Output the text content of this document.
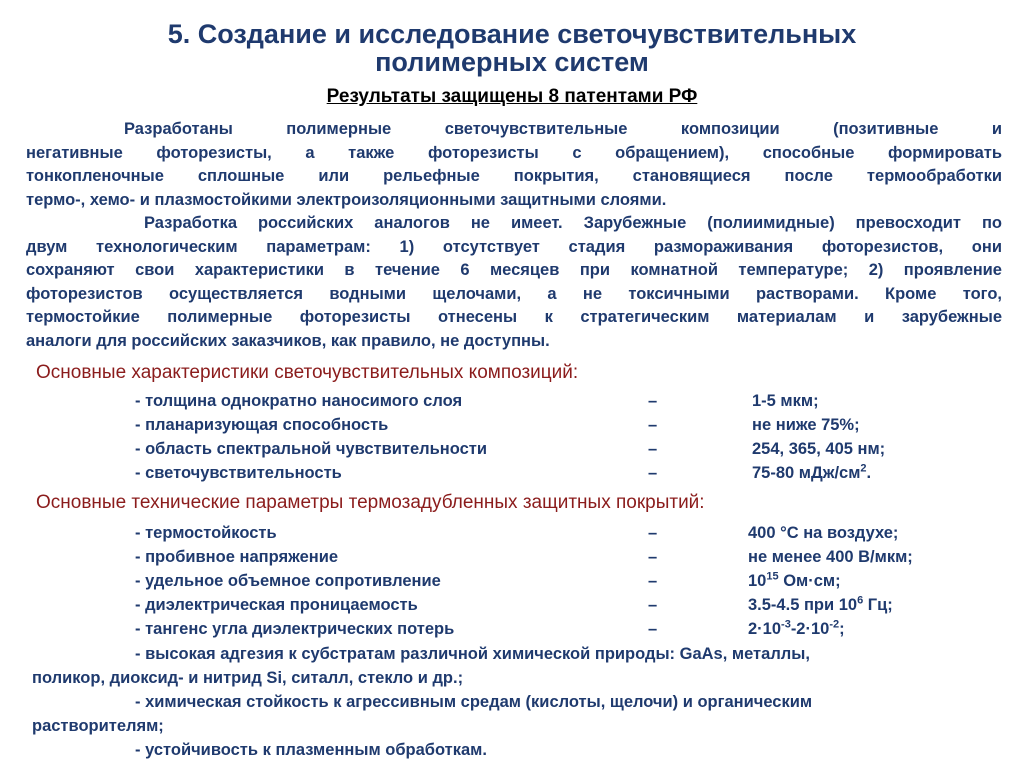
5. Создание и исследование светочувствительных
полимерных систем
Результаты защищены 8 патентами РФ
Разработаны полимерные светочувствительные композиции (позитивные и
негативные фоторезисты, а также фоторезисты с обращением), способные формировать
тонкопленочные сплошные или рельефные покрытия, становящиеся после термообработки
термо-, хемо- и плазмостойкими электроизоляционными защитными слоями.
Разработка российских аналогов не имеет. Зарубежные (полиимидные) превосходит по
двум технологическим параметрам: 1) отсутствует стадия размораживания фоторезистов, они
сохраняют свои характеристики в течение 6 месяцев при комнатной температуре; 2) проявление
фоторезистов осуществляется водными щелочами, а не токсичными растворами. Кроме того,
термостойкие полимерные фоторезисты отнесены к стратегическим материалам и зарубежные
аналоги для российских заказчиков, как правило, не доступны.
Основные характеристики светочувствительных композиций:
- толщина однократно наносимого слоя	–	1-5 мкм;
- планаризующая способность	–	не ниже 75%;
- область спектральной чувствительности	–	254, 365, 405 нм;
- светочувствительность	–	75-80 мДж/$см^2$.
Основные технические параметры термозадубленных защитных покрытий:
- термостойкость	–	400 °С на воздухе;
- пробивное напряжение	–	не менее 400 В/мкм;
- удельное объемное сопротивление	–	$10^{15}$ Ом·см;
- диэлектрическая проницаемость	–	3.5-4.5 при $10^6$ Гц;
- тангенс угла диэлектрических потерь	–	$2\cdot 10^{-3}-2\cdot 10^{-2}$;
- высокая адгезия к субстратам различной химической природы: GaAs, металлы,
поликор, диоксид- и нитрид Si, ситалл, стекло и др.;
- химическая стойкость к агрессивным средам (кислоты, щелочи) и органическим
растворителям;
- устойчивость к плазменным обработкам.
